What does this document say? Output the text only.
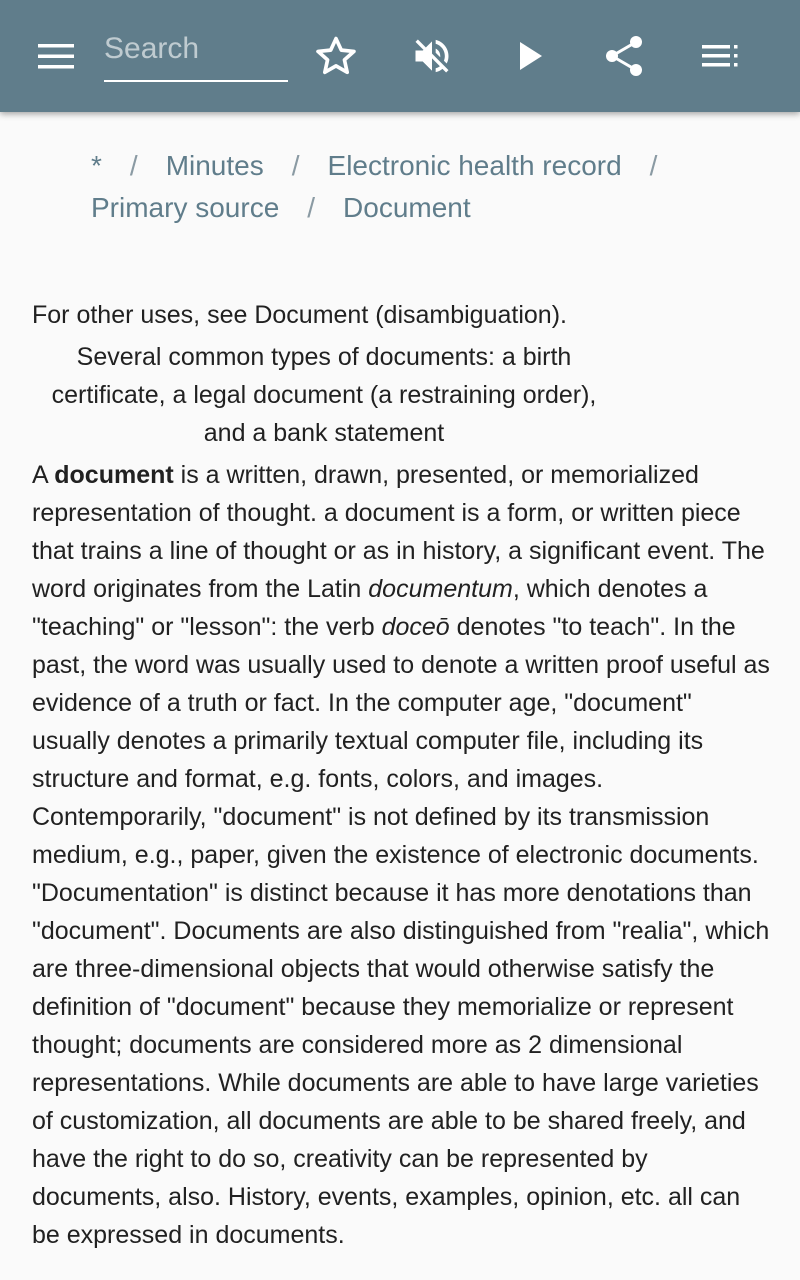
Search
* / Minutes / Electronic health record /
Primary source / Document

For other uses, see Document (disambiguation).

Several common types of documents: a birth certificate, a legal document (a restraining order), and a bank statement

A document is a written, drawn, presented, or memorialized representation of thought. a document is a form, or written piece that trains a line of thought or as in history, a significant event. The word originates from the Latin documentum, which denotes a "teaching" or "lesson": the verb doceō denotes "to teach". In the past, the word was usually used to denote a written proof useful as evidence of a truth or fact. In the computer age, "document" usually denotes a primarily textual computer file, including its structure and format, e.g. fonts, colors, and images. Contemporarily, "document" is not defined by its transmission medium, e.g., paper, given the existence of electronic documents. "Documentation" is distinct because it has more denotations than "document". Documents are also distinguished from "realia", which are three-dimensional objects that would otherwise satisfy the definition of "document" because they memorialize or represent thought; documents are considered more as 2 dimensional representations. While documents are able to have large varieties of customization, all documents are able to be shared freely, and have the right to do so, creativity can be represented by documents, also. History, events, examples, opinion, etc. all can be expressed in documents.
